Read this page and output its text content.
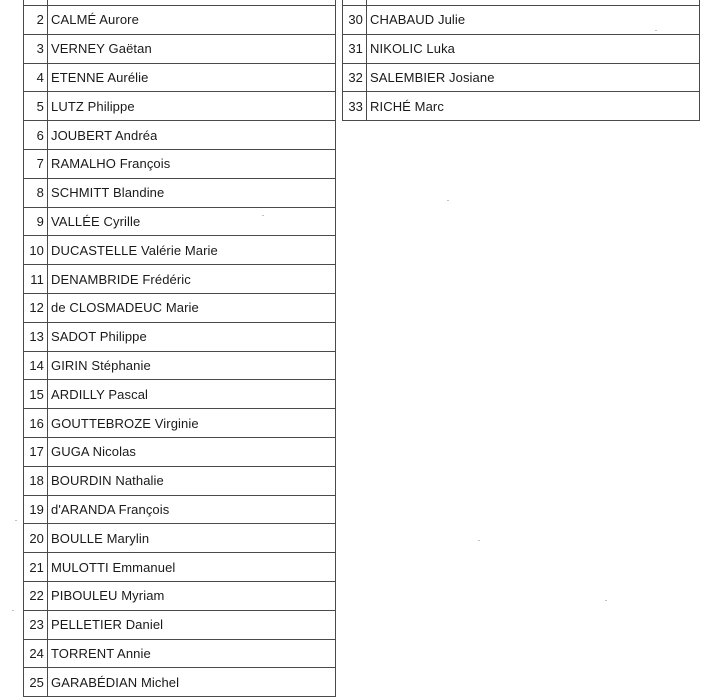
2 CALMÉ Aurore
3 VERNEY Gaëtan
4 ETENNE Aurélie
5 LUTZ Philippe
6 JOUBERT Andréa
7 RAMALHO François
8 SCHMITT Blandine
9 VALLÉE Cyrille
10 DUCASTELLE Valérie Marie
11 DENAMBRIDE Frédéric
12 de CLOSMADEUC Marie
13 SADOT Philippe
14 GIRIN Stéphanie
15 ARDILLY Pascal
16 GOUTTEBROZE Virginie
17 GUGA Nicolas
18 BOURDIN Nathalie
19 d'ARANDA François
20 BOULLE Marylin
21 MULOTTI Emmanuel
22 PIBOULEU Myriam
23 PELLETIER Daniel
24 TORRENT Annie
25 GARABÉDIAN Michel
30 CHABAUD Julie
31 NIKOLIC Luka
32 SALEMBIER Josiane
33 RICHÉ Marc
